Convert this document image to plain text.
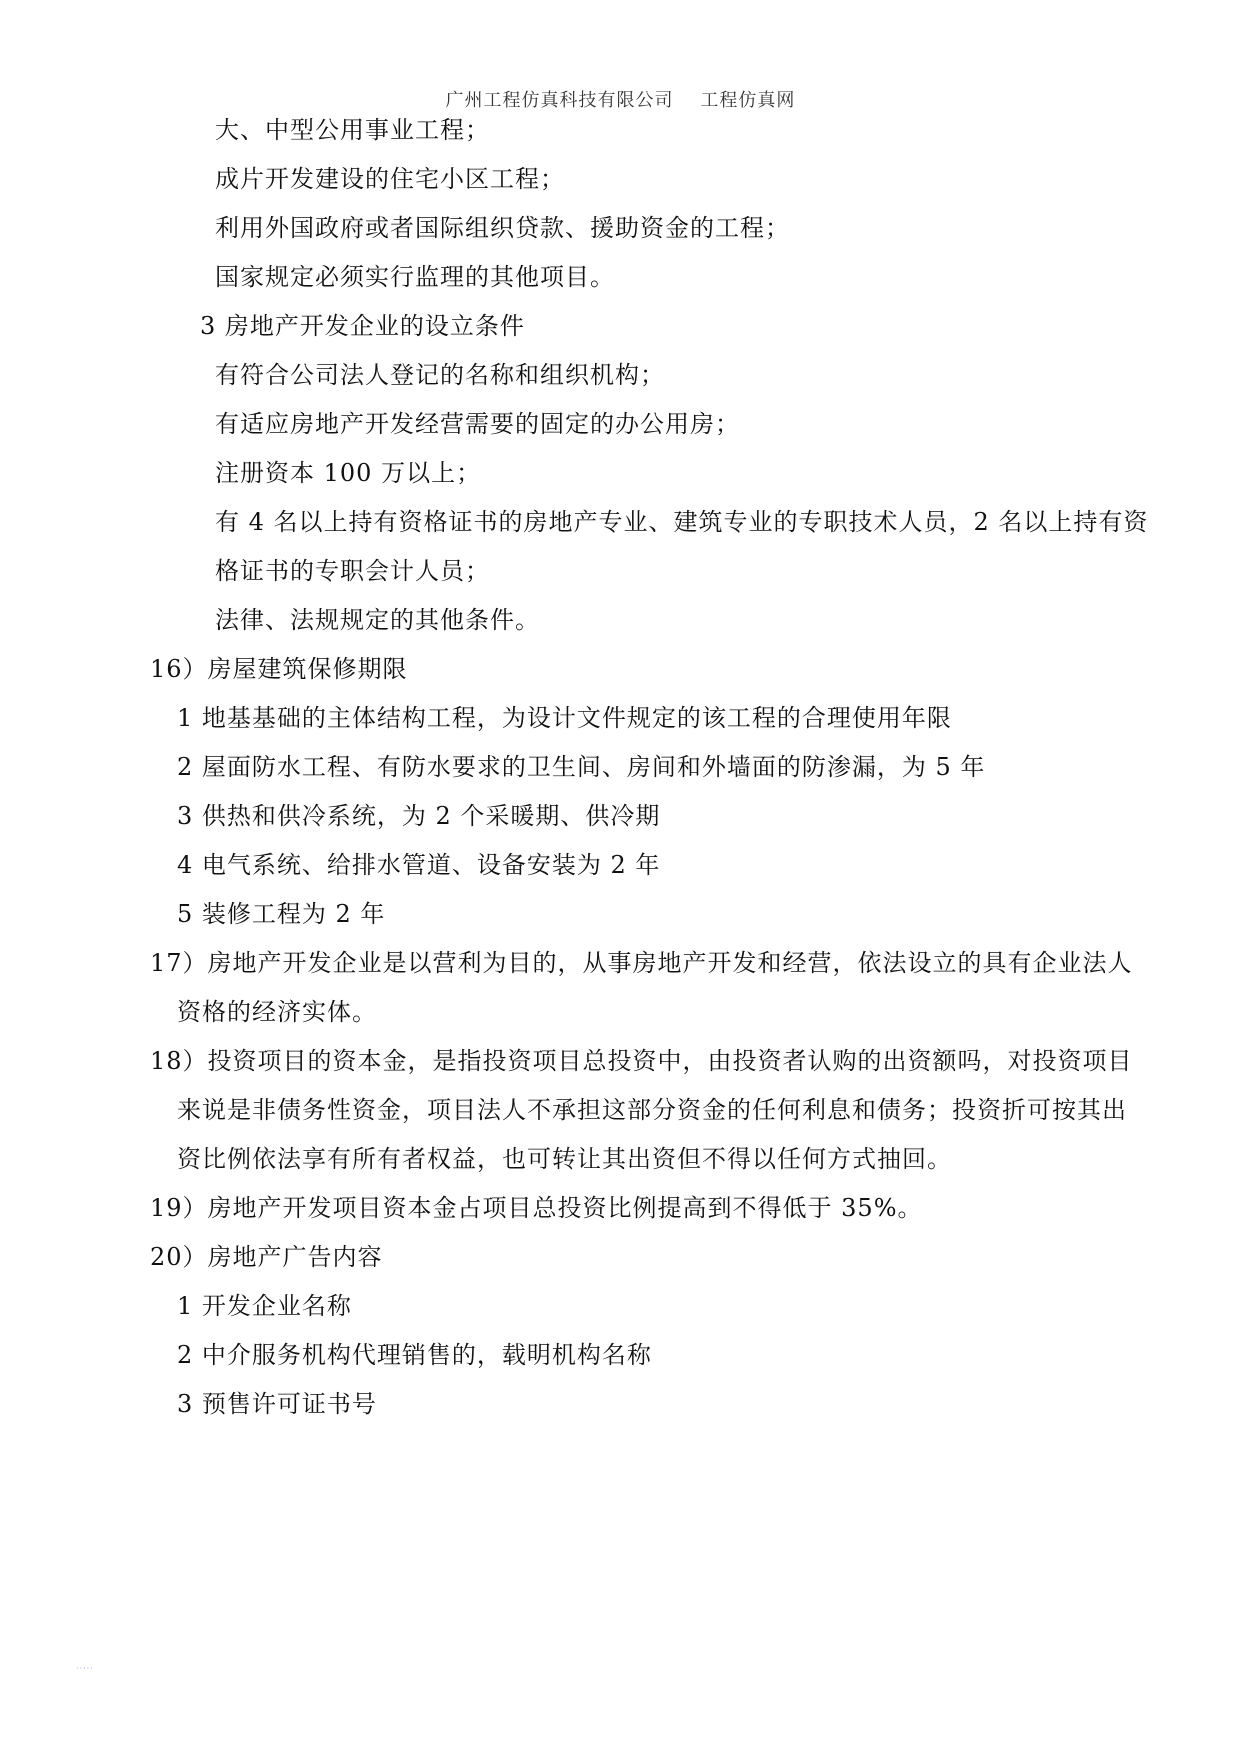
广州工程仿真科技有限公司    工程仿真网
大、中型公用事业工程；
成片开发建设的住宅小区工程；
利用外国政府或者国际组织贷款、援助资金的工程；
国家规定必须实行监理的其他项目。
3 房地产开发企业的设立条件
有符合公司法人登记的名称和组织机构；
有适应房地产开发经营需要的固定的办公用房；
注册资本 100 万以上；
有 4 名以上持有资格证书的房地产专业、建筑专业的专职技术人员，2 名以上持有资
格证书的专职会计人员；
法律、法规规定的其他条件。
16）房屋建筑保修期限
1 地基基础的主体结构工程，为设计文件规定的该工程的合理使用年限
2 屋面防水工程、有防水要求的卫生间、房间和外墙面的防渗漏，为 5 年
3 供热和供冷系统，为 2 个采暖期、供冷期
4 电气系统、给排水管道、设备安装为 2 年
5 装修工程为 2 年
17）房地产开发企业是以营利为目的，从事房地产开发和经营，依法设立的具有企业法人
资格的经济实体。
18）投资项目的资本金，是指投资项目总投资中，由投资者认购的出资额吗，对投资项目
来说是非债务性资金，项目法人不承担这部分资金的任何利息和债务；投资折可按其出
资比例依法享有所有者权益，也可转让其出资但不得以任何方式抽回。
19）房地产开发项目资本金占项目总投资比例提高到不得低于 35%。
20）房地产广告内容
1 开发企业名称
2 中介服务机构代理销售的，载明机构名称
3 预售许可证书号
·····
